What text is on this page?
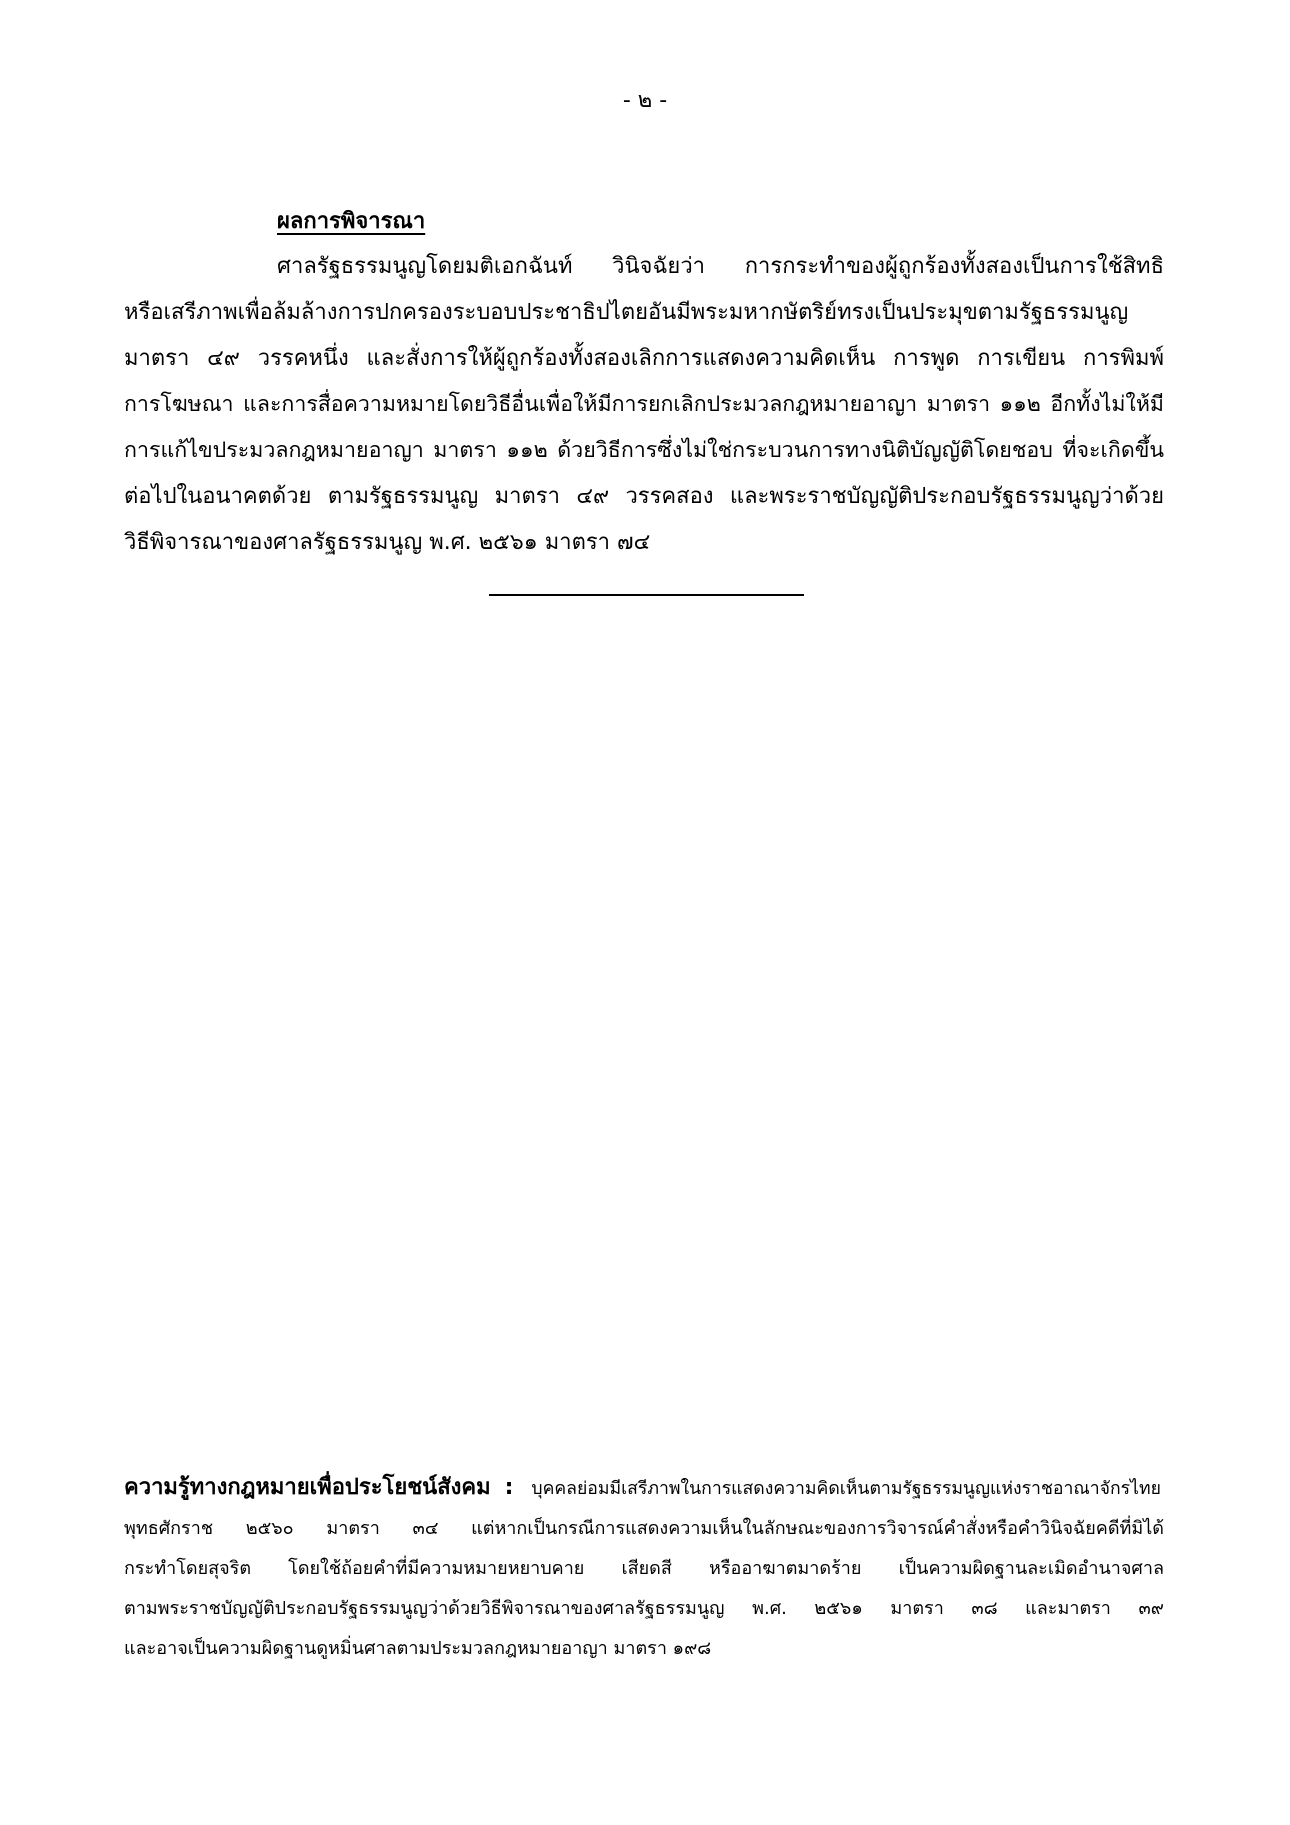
- ๒ -
ผลการพิจารณา
ศาลรัฐธรรมนูญโดยมติเอกฉันท์ วินิจฉัยว่า การกระทำของผู้ถูกร้องทั้งสองเป็นการใช้สิทธิ
หรือเสรีภาพเพื่อล้มล้างการปกครองระบอบประชาธิปไตยอันมีพระมหากษัตริย์ทรงเป็นประมุขตามรัฐธรรมนูญ
มาตรา ๔๙ วรรคหนึ่ง และสั่งการให้ผู้ถูกร้องทั้งสองเลิกการแสดงความคิดเห็น การพูด การเขียน การพิมพ์
การโฆษณา และการสื่อความหมายโดยวิธีอื่นเพื่อให้มีการยกเลิกประมวลกฎหมายอาญา มาตรา ๑๑๒ อีกทั้งไม่ให้มี
การแก้ไขประมวลกฎหมายอาญา มาตรา ๑๑๒ ด้วยวิธีการซึ่งไม่ใช่กระบวนการทางนิติบัญญัติโดยชอบ ที่จะเกิดขึ้น
ต่อไปในอนาคตด้วย ตามรัฐธรรมนูญ มาตรา ๔๙ วรรคสอง และพระราชบัญญัติประกอบรัฐธรรมนูญว่าด้วย
วิธีพิจารณาของศาลรัฐธรรมนูญ พ.ศ. ๒๕๖๑ มาตรา ๗๔
ความรู้ทางกฎหมายเพื่อประโยชน์สังคม : บุคคลย่อมมีเสรีภาพในการแสดงความคิดเห็นตามรัฐธรรมนูญแห่งราชอาณาจักรไทย
พุทธศักราช ๒๕๖๐ มาตรา ๓๔ แต่หากเป็นกรณีการแสดงความเห็นในลักษณะของการวิจารณ์คำสั่งหรือคำวินิจฉัยคดีที่มิได้
กระทำโดยสุจริต โดยใช้ถ้อยคำที่มีความหมายหยาบคาย เสียดสี หรืออาฆาตมาดร้าย เป็นความผิดฐานละเมิดอำนาจศาล
ตามพระราชบัญญัติประกอบรัฐธรรมนูญว่าด้วยวิธีพิจารณาของศาลรัฐธรรมนูญ พ.ศ. ๒๕๖๑ มาตรา ๓๘ และมาตรา ๓๙
และอาจเป็นความผิดฐานดูหมิ่นศาลตามประมวลกฎหมายอาญา มาตรา ๑๙๘
